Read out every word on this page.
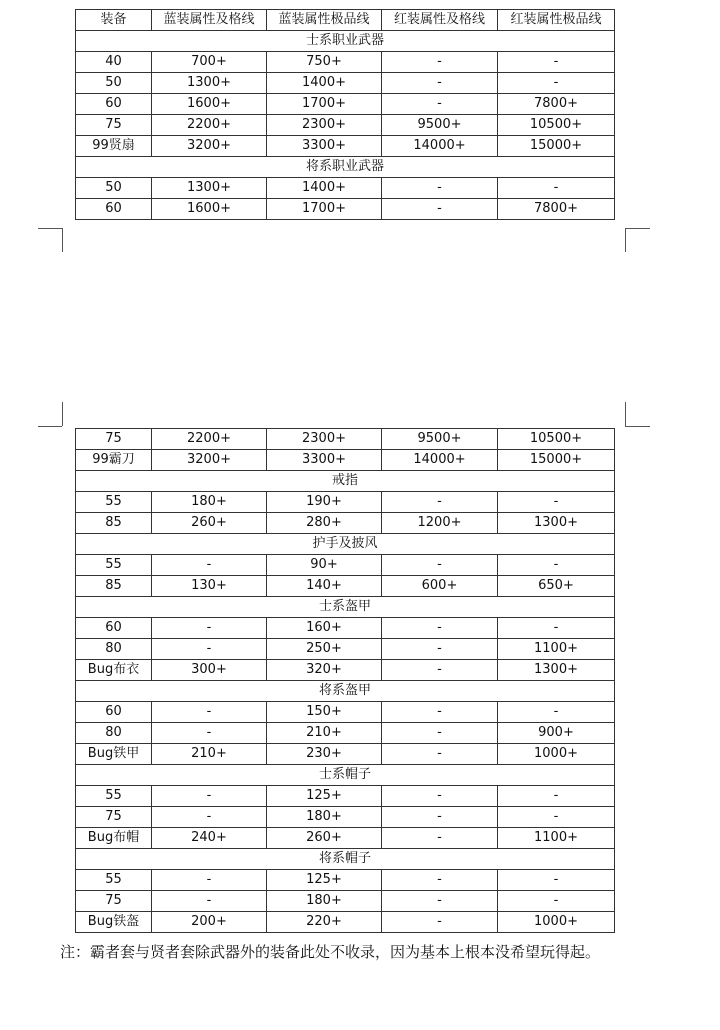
装备	蓝装属性及格线	蓝装属性极品线	红装属性及格线	红装属性极品线
士系职业武器				
40	700+	750+	-	-
50	1300+	1400+	-	-
60	1600+	1700+	-	7800+
75	2200+	2300+	9500+	10500+
99贤扇	3200+	3300+	14000+	15000+
将系职业武器				
50	1300+	1400+	-	-
60	1600+	1700+	-	7800+
75	2200+	2300+	9500+	10500+
99霸刀	3200+	3300+	14000+	15000+
戒指				
55	180+	190+	-	-
85	260+	280+	1200+	1300+
护手及披风				
55	-	90+	-	-
85	130+	140+	600+	650+
士系盔甲				
60	-	160+	-	-
80	-	250+	-	1100+
Bug布衣	300+	320+	-	1300+
将系盔甲				
60	-	150+	-	-
80	-	210+	-	900+
Bug铁甲	210+	230+	-	1000+
士系帽子				
55	-	125+	-	-
75	-	180+	-	-
Bug布帽	240+	260+	-	1100+
将系帽子				
55	-	125+	-	-
75	-	180+	-	-
Bug铁盔	200+	220+	-	1000+

注：霸者套与贤者套除武器外的装备此处不收录，因为基本上根本没希望玩得起。
